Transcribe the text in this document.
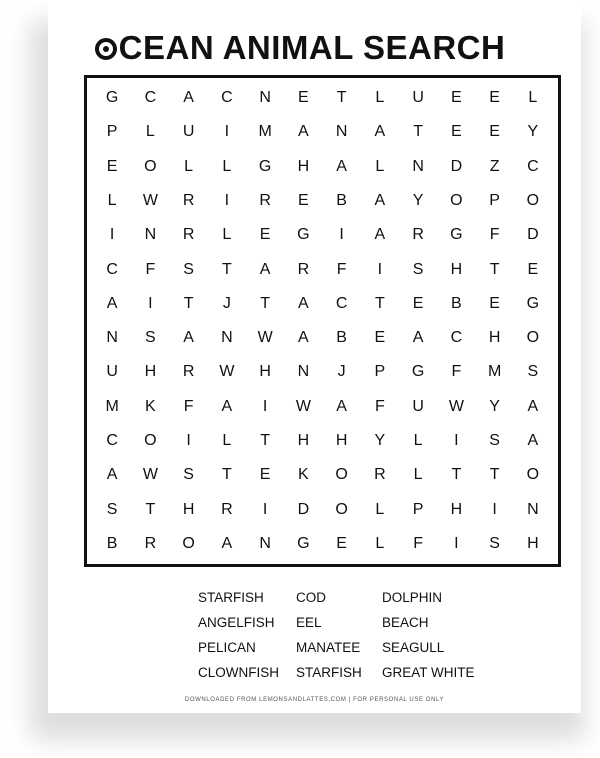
CEAN ANIMAL SEARCH
G	C	A	C	N	E	T	L	U	E	E	L
P	L	U	I	M	A	N	A	T	E	E	Y
E	O	L	L	G	H	A	L	N	D	Z	C
L	W	R	I	R	E	B	A	Y	O	P	O
I	N	R	L	E	G	I	A	R	G	F	D
C	F	S	T	A	R	F	I	S	H	T	E
A	I	T	J	T	A	C	T	E	B	E	G
N	S	A	N	W	A	B	E	A	C	H	O
U	H	R	W	H	N	J	P	G	F	M	S
M	K	F	A	I	W	A	F	U	W	Y	A
C	O	I	L	T	H	H	Y	L	I	S	A
A	W	S	T	E	K	O	R	L	T	T	O
S	T	H	R	I	D	O	L	P	H	I	N
B	R	O	A	N	G	E	L	F	I	S	H
STARFISH	COD	DOLPHIN
ANGELFISH	EEL	BEACH
PELICAN	MANATEE	SEAGULL
CLOWNFISH	STARFISH	GREAT WHITE
DOWNLOADED FROM LEMONSANDLATTES.COM | FOR PERSONAL USE ONLY
